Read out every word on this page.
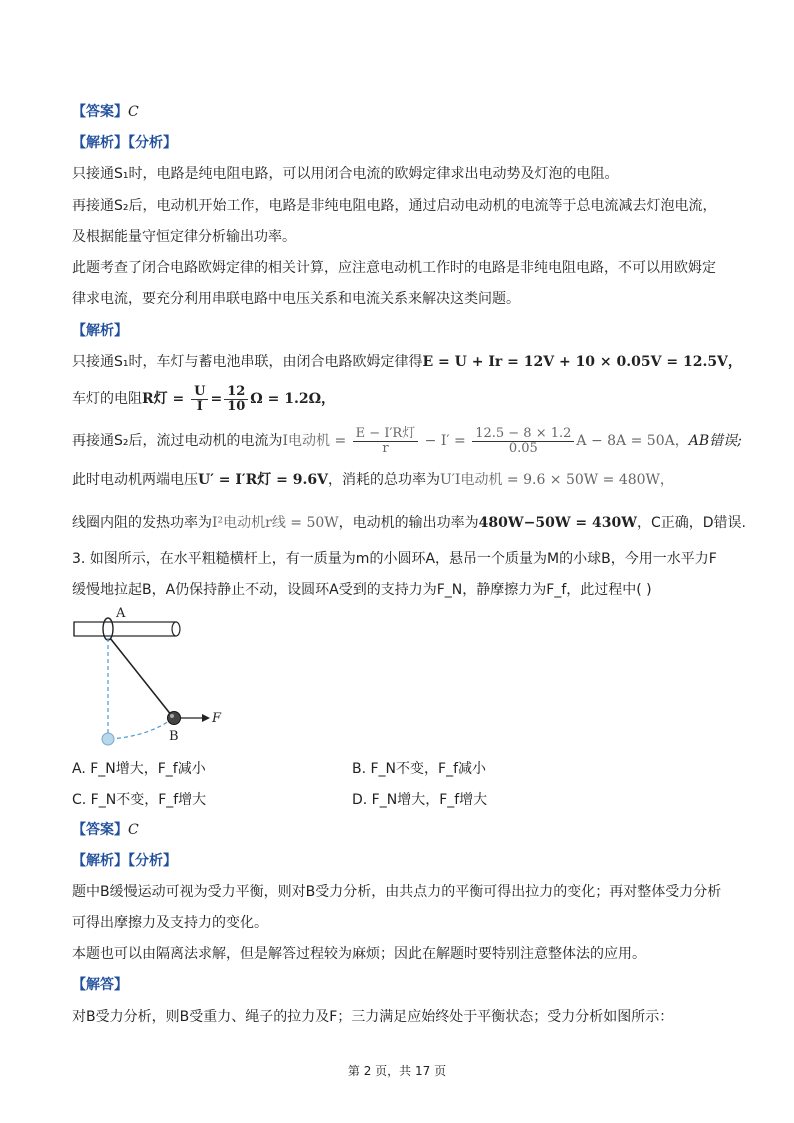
【答案】C
【解析】【分析】
只接通S₁时，电路是纯电阻电路，可以用闭合电流的欧姆定律求出电动势及灯泡的电阻。
再接通S₂后，电动机开始工作，电路是非纯电阻电路，通过启动电动机的电流等于总电流减去灯泡电流，
及根据能量守恒定律分析输出功率。
此题考查了闭合电路欧姆定律的相关计算，应注意电动机工作时的电路是非纯电阻电路，不可以用欧姆定
律求电流，要充分利用串联电路中电压关系和电流关系来解决这类问题。
【解析】
只接通S₁时，车灯与蓄电池串联，由闭合电路欧姆定律得E = U + Ir = 12V + 10 × 0.05V = 12.5V，
车灯的电阻R灯 = $\frac{U}{I} = \frac{12}{10}$ Ω = 1.2Ω，
再接通S₂后，流过电动机的电流为I电动机 = $\frac{\text{E − I′R灯}}{r} - I' = \frac{12.5 - 8 \times 1.2}{0.05}$ A − 8A = 50A，AB错误;
此时电动机两端电压U′ = I′R灯 = 9.6V，消耗的总功率为U′I电动机 = 9.6 × 50W = 480W，
线圈内阻的发热功率为I²电动机r线 = 50W，电动机的输出功率为480W−50W = 430W，C正确，D错误.
3. 如图所示，在水平粗糙横杆上，有一质量为m的小圆环A，悬吊一个质量为M的小球B，今用一水平力F
缓慢地拉起B，A仍保持静止不动，设圆环A受到的支持力为F_N，静摩擦力为F_f，此过程中( )
A
B
F
A. F_N增大，F_f减小	B. F_N不变，F_f减小
C. F_N不变，F_f增大	D. F_N增大，F_f增大
【答案】C
【解析】【分析】
题中B缓慢运动可视为受力平衡，则对B受力分析，由共点力的平衡可得出拉力的变化；再对整体受力分析
可得出摩擦力及支持力的变化。
本题也可以由隔离法求解，但是解答过程较为麻烦；因此在解题时要特别注意整体法的应用。
【解答】
对B受力分析，则B受重力、绳子的拉力及F；三力满足应始终处于平衡状态；受力分析如图所示：
第 2 页，共 17 页
